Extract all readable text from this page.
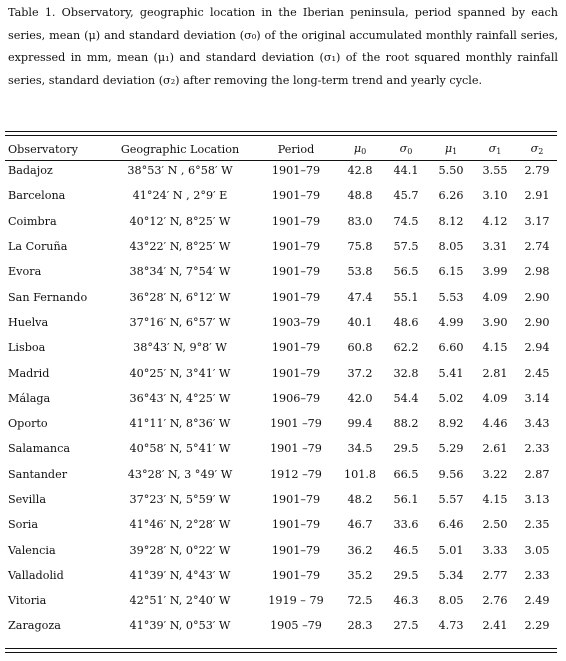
Table 1. Observatory, geographic location in the Iberian peninsula, period spanned by each series, mean (μ) and standard deviation (σ₀) of the original accumulated monthly rainfall series, expressed in mm, mean (μ₁) and standard deviation (σ₁) of the root squared monthly rainfall series, standard deviation (σ₂) after removing the long-term trend and yearly cycle.
Observatory	Geographic Location	Period	$\mu_0$	$\sigma_0$	$\mu_1$	$\sigma_1$	$\sigma_2$
Badajoz	38°53′ N , 6°58′ W	1901–79	42.8	44.1	5.50	3.55	2.79
Barcelona	41°24′ N , 2°9′ E	1901–79	48.8	45.7	6.26	3.10	2.91
Coimbra	40°12′ N, 8°25′ W	1901–79	83.0	74.5	8.12	4.12	3.17
La Coruña	43°22′ N, 8°25′ W	1901–79	75.8	57.5	8.05	3.31	2.74
Evora	38°34′ N, 7°54′ W	1901–79	53.8	56.5	6.15	3.99	2.98
San Fernando	36°28′ N, 6°12′ W	1901–79	47.4	55.1	5.53	4.09	2.90
Huelva	37°16′ N, 6°57′ W	1903–79	40.1	48.6	4.99	3.90	2.90
Lisboa	38°43′ N, 9°8′ W	1901–79	60.8	62.2	6.60	4.15	2.94
Madrid	40°25′ N, 3°41′ W	1901–79	37.2	32.8	5.41	2.81	2.45
Málaga	36°43′ N, 4°25′ W	1906–79	42.0	54.4	5.02	4.09	3.14
Oporto	41°11′ N, 8°36′ W	1901 –79	99.4	88.2	8.92	4.46	3.43
Salamanca	40°58′ N, 5°41′ W	1901 –79	34.5	29.5	5.29	2.61	2.33
Santander	43°28′ N, 3 °49′ W	1912 –79	101.8	66.5	9.56	3.22	2.87
Sevilla	37°23′ N, 5°59′ W	1901–79	48.2	56.1	5.57	4.15	3.13
Soria	41°46′ N, 2°28′ W	1901–79	46.7	33.6	6.46	2.50	2.35
Valencia	39°28′ N, 0°22′ W	1901–79	36.2	46.5	5.01	3.33	3.05
Valladolid	41°39′ N, 4°43′ W	1901–79	35.2	29.5	5.34	2.77	2.33
Vitoria	42°51′ N, 2°40′ W	1919 – 79	72.5	46.3	8.05	2.76	2.49
Zaragoza	41°39′ N, 0°53′ W	1905 –79	28.3	27.5	4.73	2.41	2.29
